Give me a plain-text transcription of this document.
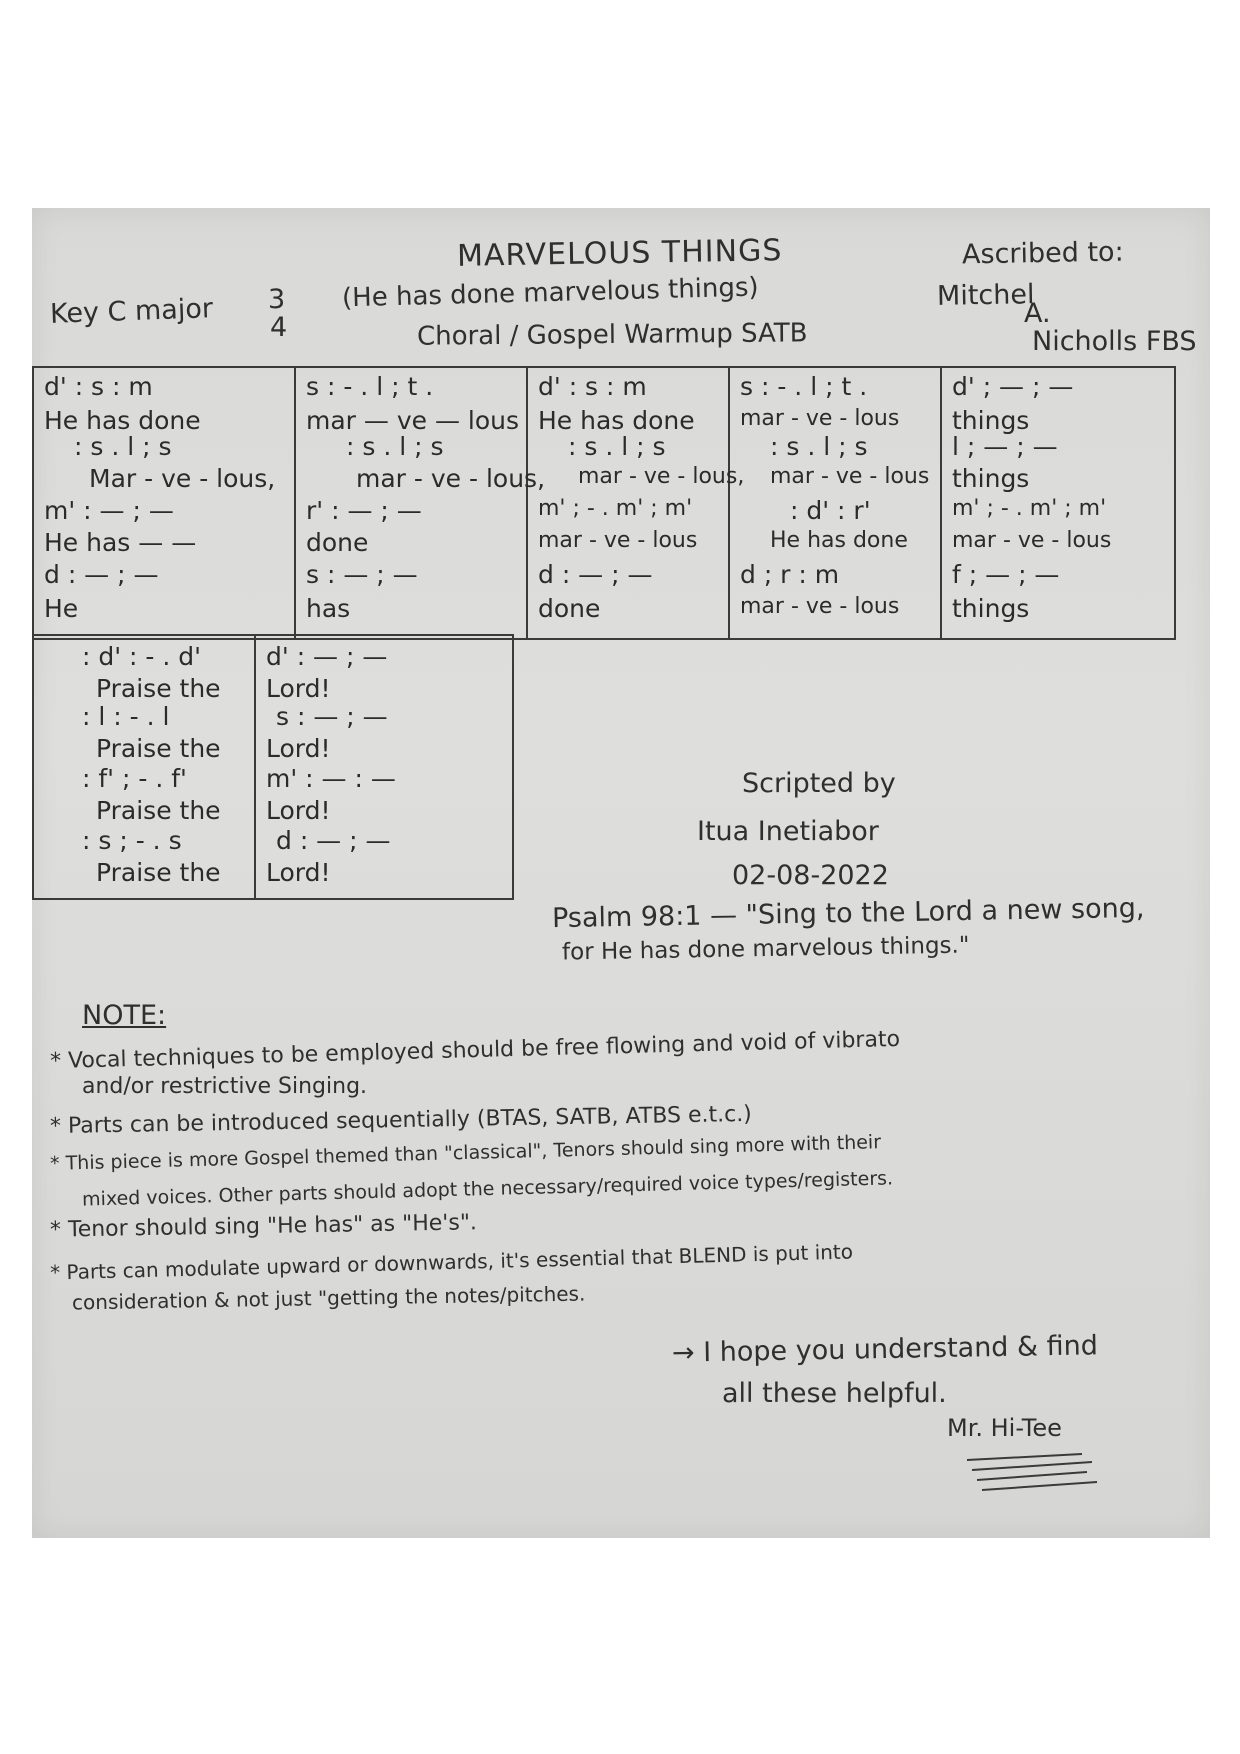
MARVELOUS THINGS
(He has done marvelous things)
Choral / Gospel Warmup SATB
Key C major 3
4
Ascribed to:
Mitchel
A.
Nicholls FBS
d' : s : m
He has done
: s . l ; s
Mar - ve - lous,
m' : — ; —
He has — —
d : — ; —
He
s : - . l ; t .
mar — ve — lous
: s . l ; s
mar - ve - lous,
r' : — ; —
done
s : — ; —
has
d' : s : m
He has done
: s . l ; s
mar - ve - lous,
m' ; - . m' ; m'
mar - ve - lous
d : — ; —
done
s : - . l ; t .
mar - ve - lous
: s . l ; s
mar - ve - lous
: d' : r'
He has done
d ; r : m
mar - ve - lous
d' ; — ; —
things
l ; — ; —
things
m' ; - . m' ; m'
mar - ve - lous
f ; — ; —
things
: d' : - . d'
Praise the
: l : - . l
Praise the
: f' ; - . f'
Praise the
: s ; - . s
Praise the
d' : — ; —
Lord!
s : — ; —
Lord!
m' : — : —
Lord!
d : — ; —
Lord!
Scripted by
Itua Inetiabor
02-08-2022
Psalm 98:1 — "Sing to the Lord a new song,
for He has done marvelous things."
NOTE:
* Vocal techniques to be employed should be free flowing and void of vibrato
and/or restrictive Singing.
* Parts can be introduced sequentially (BTAS, SATB, ATBS e.t.c.)
* This piece is more Gospel themed than "classical", Tenors should sing more with their
mixed voices. Other parts should adopt the necessary/required voice types/registers.
* Tenor should sing "He has" as "He's".
* Parts can modulate upward or downwards, it's essential that BLEND is put into
consideration & not just "getting the notes/pitches.
→ I hope you understand & find
all these helpful.
Mr. Hi-Tee
